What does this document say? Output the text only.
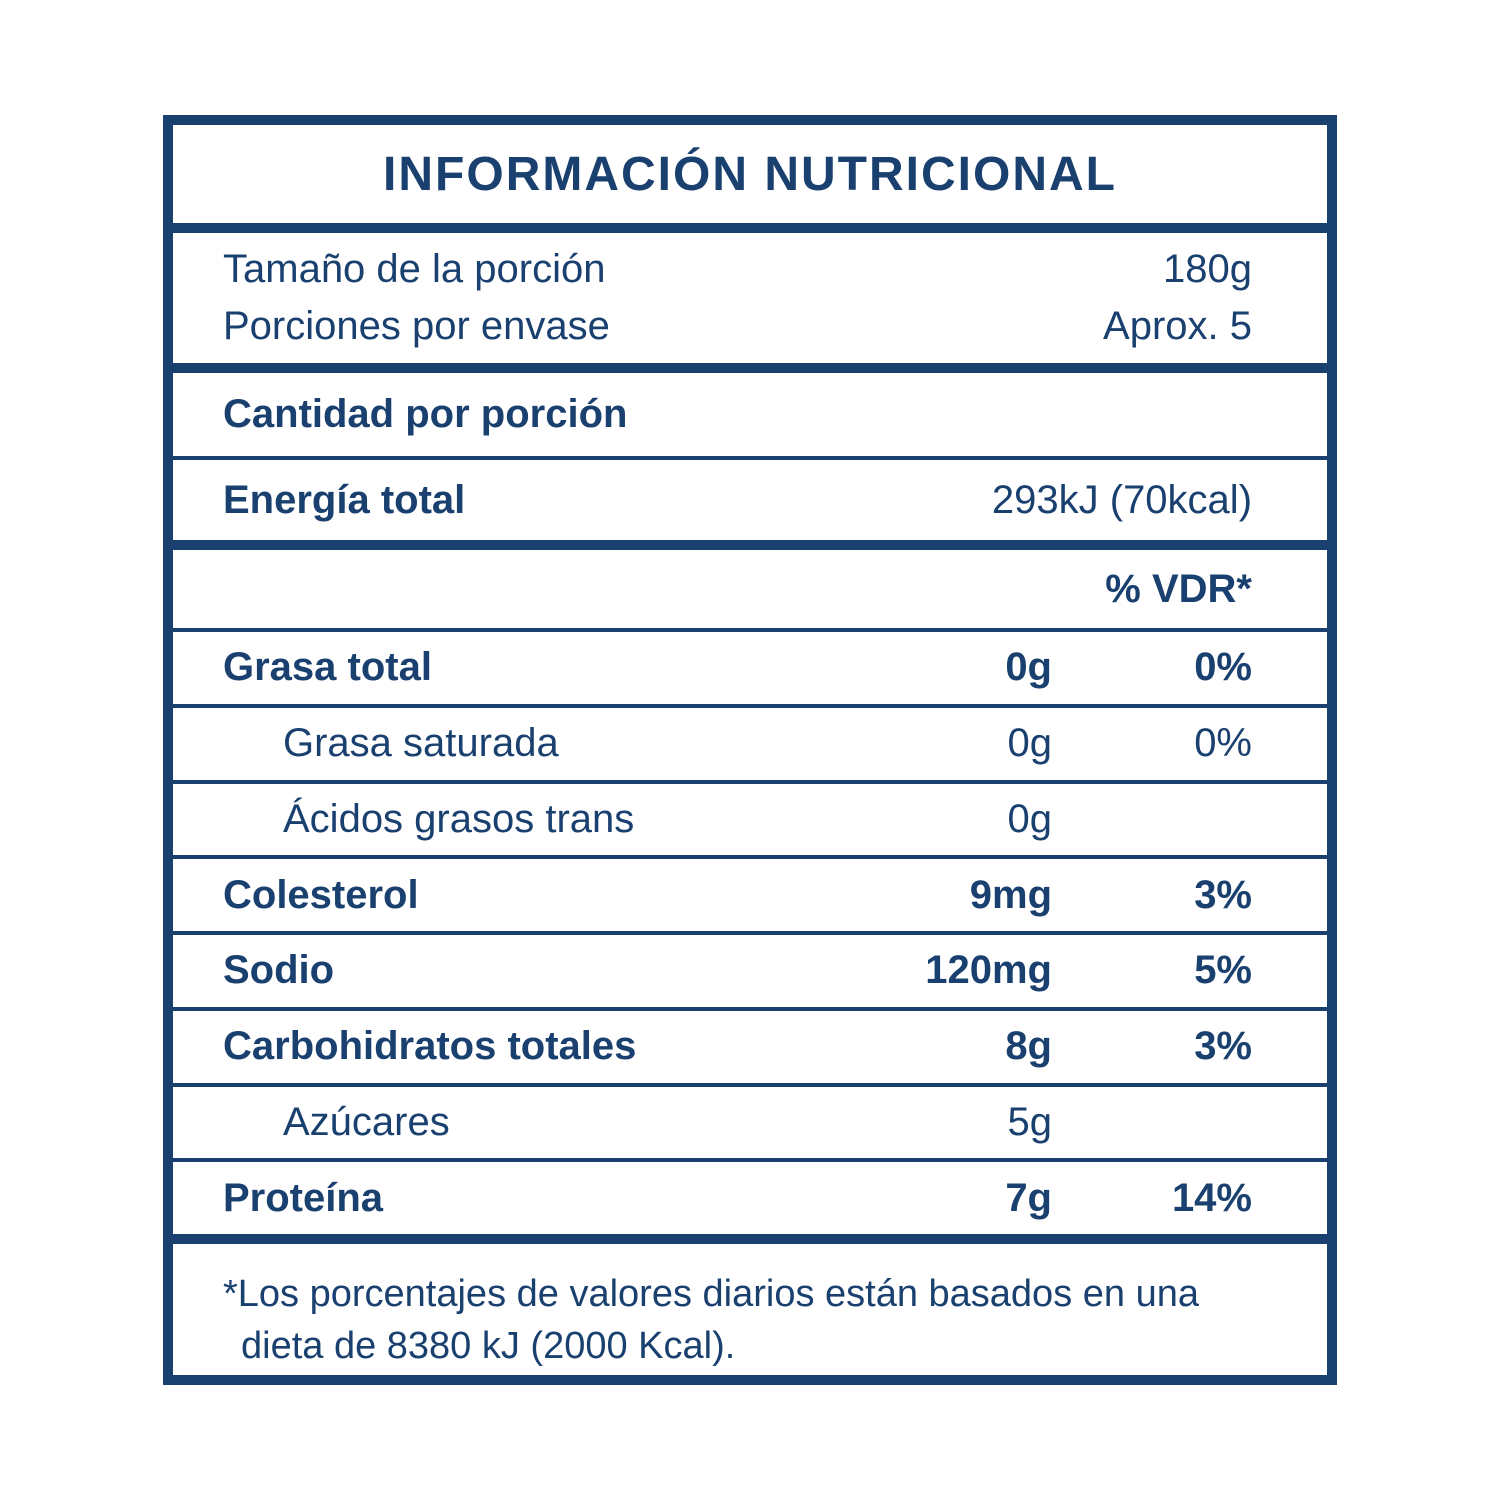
INFORMACIÓN NUTRICIONAL
Tamaño de la porción	180g
Porciones por envase	Aprox. 5
Cantidad por porción
Energía total	293kJ (70kcal)
% VDR*
Grasa total	0g	0%
Grasa saturada	0g	0%
Ácidos grasos trans	0g
Colesterol	9mg	3%
Sodio	120mg	5%
Carbohidratos totales	8g	3%
Azúcares	5g
Proteína	7g	14%
*Los porcentajes de valores diarios están basados en una
dieta de 8380 kJ (2000 Kcal).
